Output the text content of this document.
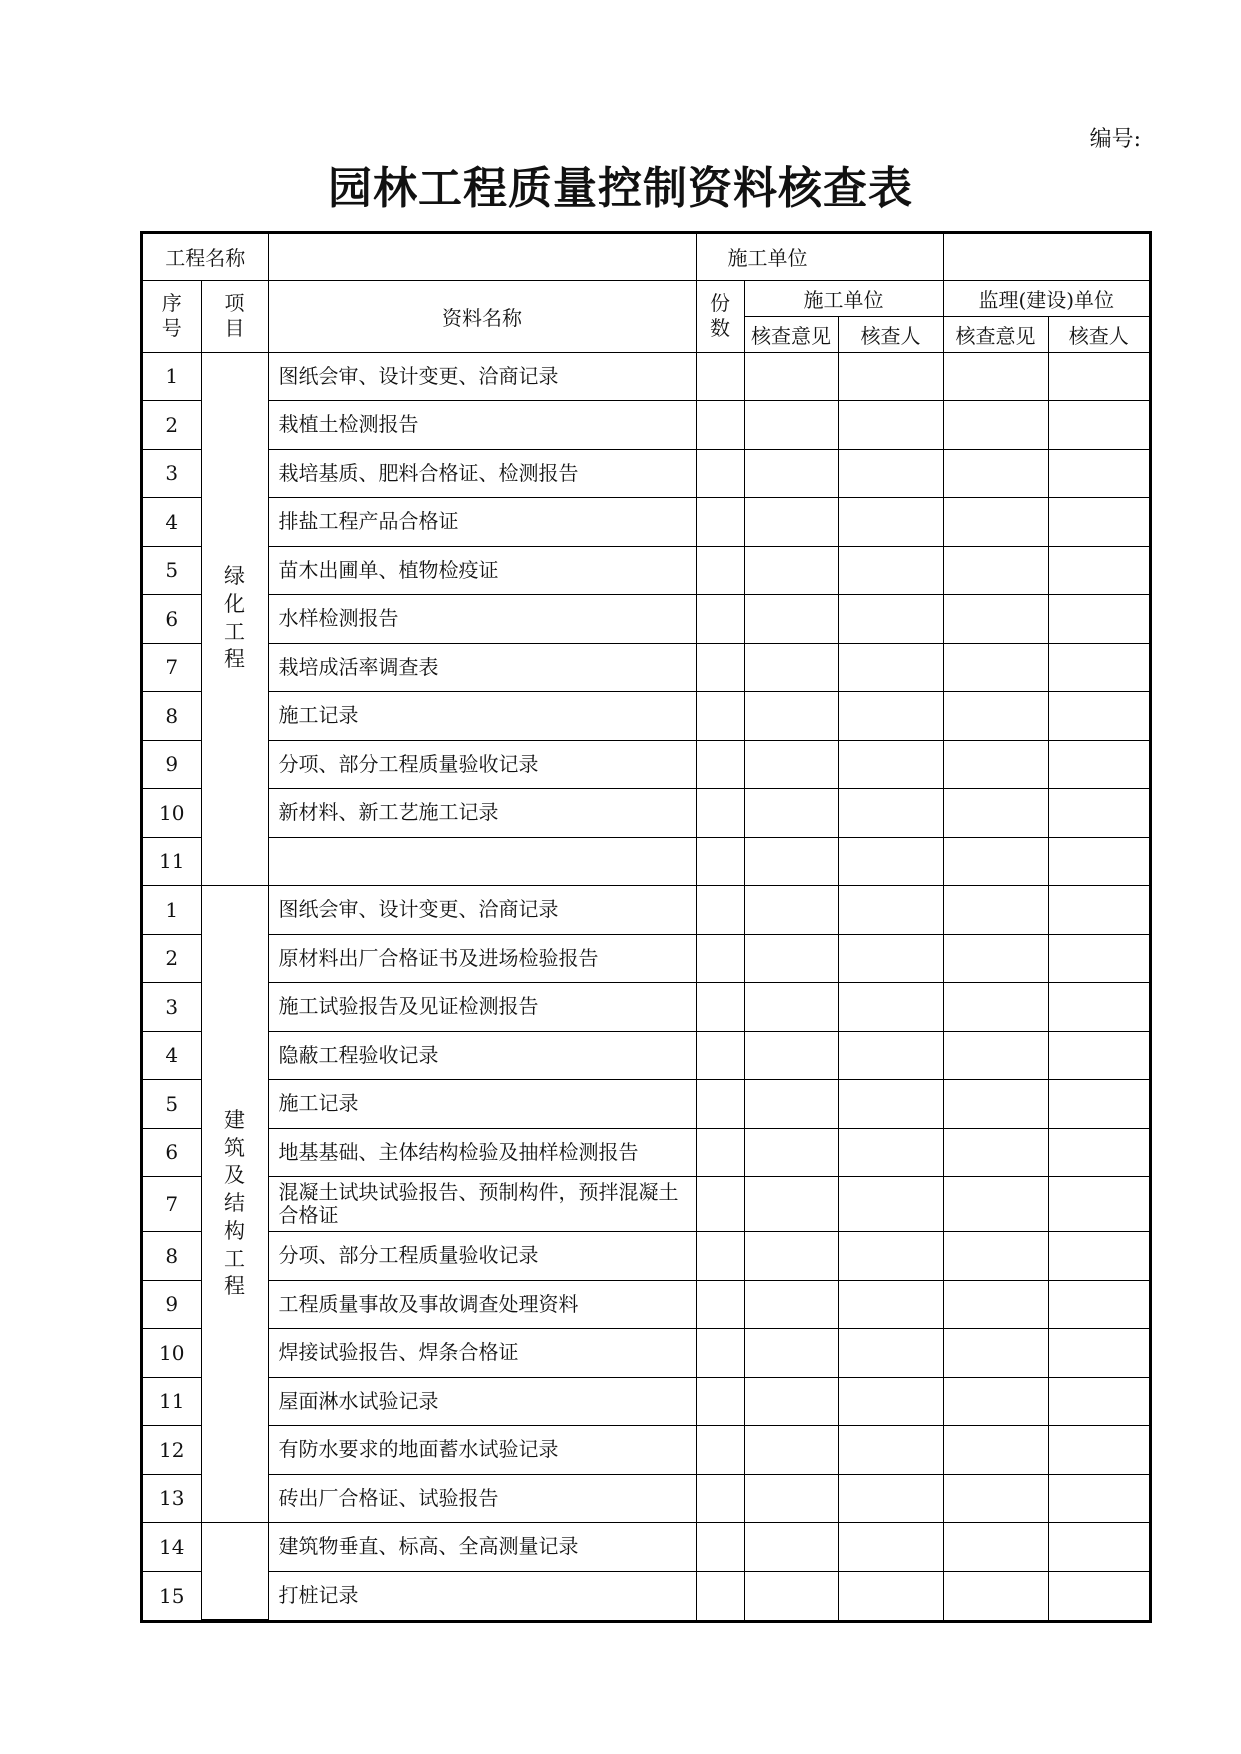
编号:
园林工程质量控制资料核查表
工程名称			施工单位				
序号	项目	资料名称	份数	施工单位		监理(建设)单位	
				核查意见	核查人	核查意见	核查人
1	绿化工程	图纸会审、设计变更、洽商记录					
2		栽植土检测报告					
3		栽培基质、肥料合格证、检测报告					
4		排盐工程产品合格证					
5		苗木出圃单、植物检疫证					
6		水样检测报告					
7		栽培成活率调查表					
8		施工记录					
9		分项、部分工程质量验收记录					
10		新材料、新工艺施工记录					
11							
1	建筑及结构工程	图纸会审、设计变更、洽商记录					
2		原材料出厂合格证书及进场检验报告					
3		施工试验报告及见证检测报告					
4		隐蔽工程验收记录					
5		施工记录					
6		地基基础、主体结构检验及抽样检测报告					
7		混凝土试块试验报告、预制构件，预拌混凝土合格证					
8		分项、部分工程质量验收记录					
9		工程质量事故及事故调查处理资料					
10		焊接试验报告、焊条合格证					
11		屋面淋水试验记录					
12		有防水要求的地面蓄水试验记录					
13		砖出厂合格证、试验报告					
14		建筑物垂直、标高、全高测量记录					
15		打桩记录					
